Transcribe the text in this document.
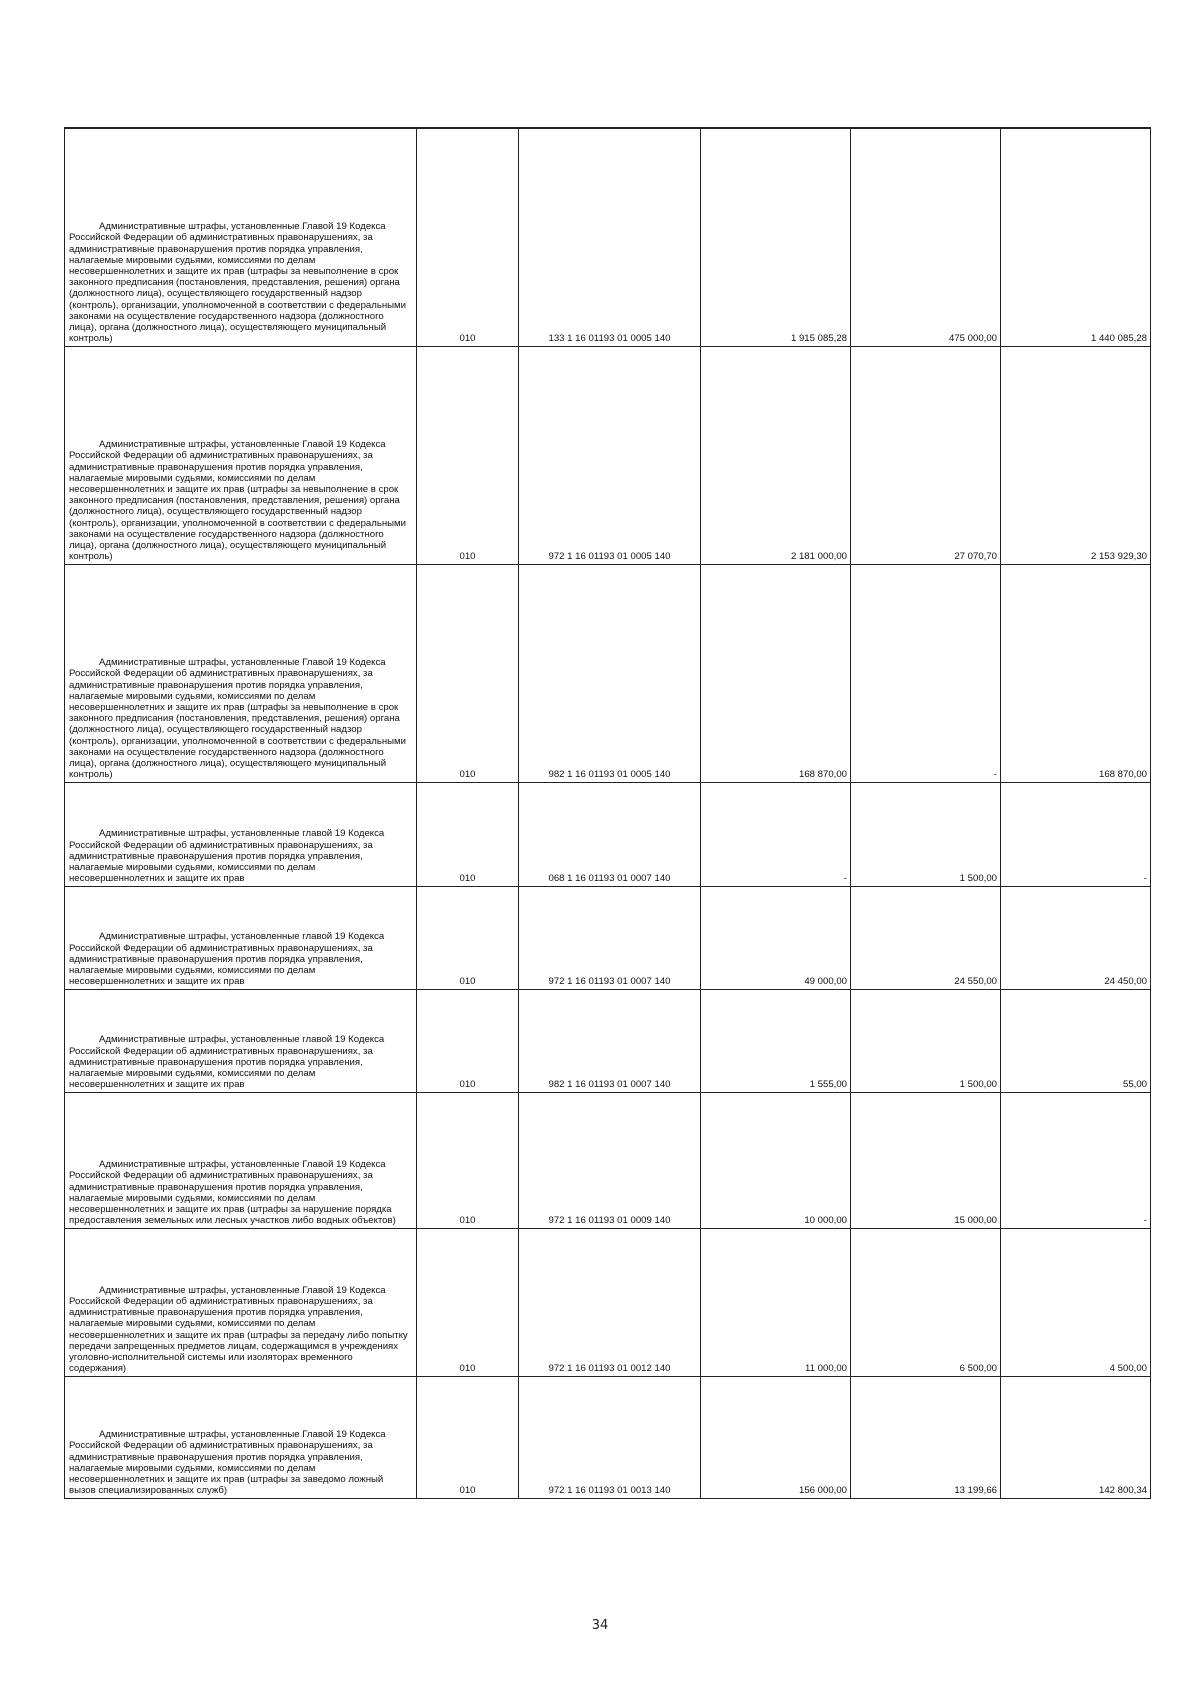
Административные штрафы, установленные Главой 19 Кодекса Российской Федерации об административных правонарушениях, за административные правонарушения против порядка управления, налагаемые мировыми судьями, комиссиями по делам несовершеннолетних и защите их прав (штрафы за невыполнение в срок законного предписания (постановления, представления, решения) органа (должностного лица), осуществляющего государственный надзор (контроль), организации, уполномоченной в соответствии с федеральными законами на осуществление государственного надзора (должностного лица), органа (должностного лица), осуществляющего муниципальный контроль)	010	133 1 16 01193 01 0005 140	1 915 085,28	475 000,00	1 440 085,28

Административные штрафы, установленные Главой 19 Кодекса Российской Федерации об административных правонарушениях, за административные правонарушения против порядка управления, налагаемые мировыми судьями, комиссиями по делам несовершеннолетних и защите их прав (штрафы за невыполнение в срок законного предписания (постановления, представления, решения) органа (должностного лица), осуществляющего государственный надзор (контроль), организации, уполномоченной в соответствии с федеральными законами на осуществление государственного надзора (должностного лица), органа (должностного лица), осуществляющего муниципальный контроль)	010	972 1 16 01193 01 0005 140	2 181 000,00	27 070,70	2 153 929,30

Административные штрафы, установленные Главой 19 Кодекса Российской Федерации об административных правонарушениях, за административные правонарушения против порядка управления, налагаемые мировыми судьями, комиссиями по делам несовершеннолетних и защите их прав (штрафы за невыполнение в срок законного предписания (постановления, представления, решения) органа (должностного лица), осуществляющего государственный надзор (контроль), организации, уполномоченной в соответствии с федеральными законами на осуществление государственного надзора (должностного лица), органа (должностного лица), осуществляющего муниципальный контроль)	010	982 1 16 01193 01 0005 140	168 870,00	-	168 870,00

Административные штрафы, установленные главой 19 Кодекса Российской Федерации об административных правонарушениях, за административные правонарушения против порядка управления, налагаемые мировыми судьями, комиссиями по делам несовершеннолетних и защите их прав	010	068 1 16 01193 01 0007 140	-	1 500,00	-

Административные штрафы, установленные главой 19 Кодекса Российской Федерации об административных правонарушениях, за административные правонарушения против порядка управления, налагаемые мировыми судьями, комиссиями по делам несовершеннолетних и защите их прав	010	972 1 16 01193 01 0007 140	49 000,00	24 550,00	24 450,00

Административные штрафы, установленные главой 19 Кодекса Российской Федерации об административных правонарушениях, за административные правонарушения против порядка управления, налагаемые мировыми судьями, комиссиями по делам несовершеннолетних и защите их прав	010	982 1 16 01193 01 0007 140	1 555,00	1 500,00	55,00

Административные штрафы, установленные Главой 19 Кодекса Российской Федерации об административных правонарушениях, за административные правонарушения против порядка управления, налагаемые мировыми судьями, комиссиями по делам несовершеннолетних и защите их прав (штрафы за нарушение порядка предоставления земельных или лесных участков либо водных объектов)	010	972 1 16 01193 01 0009 140	10 000,00	15 000,00	-

Административные штрафы, установленные Главой 19 Кодекса Российской Федерации об административных правонарушениях, за административные правонарушения против порядка управления, налагаемые мировыми судьями, комиссиями по делам несовершеннолетних и защите их прав (штрафы за передачу либо попытку передачи запрещенных предметов лицам, содержащимся в учреждениях уголовно-исполнительной системы или изоляторах временного содержания)	010	972 1 16 01193 01 0012 140	11 000,00	6 500,00	4 500,00

Административные штрафы, установленные Главой 19 Кодекса Российской Федерации об административных правонарушениях, за административные правонарушения против порядка управления, налагаемые мировыми судьями, комиссиями по делам несовершеннолетних и защите их прав (штрафы за заведомо ложный вызов специализированных служб)	010	972 1 16 01193 01 0013 140	156 000,00	13 199,66	142 800,34
34
